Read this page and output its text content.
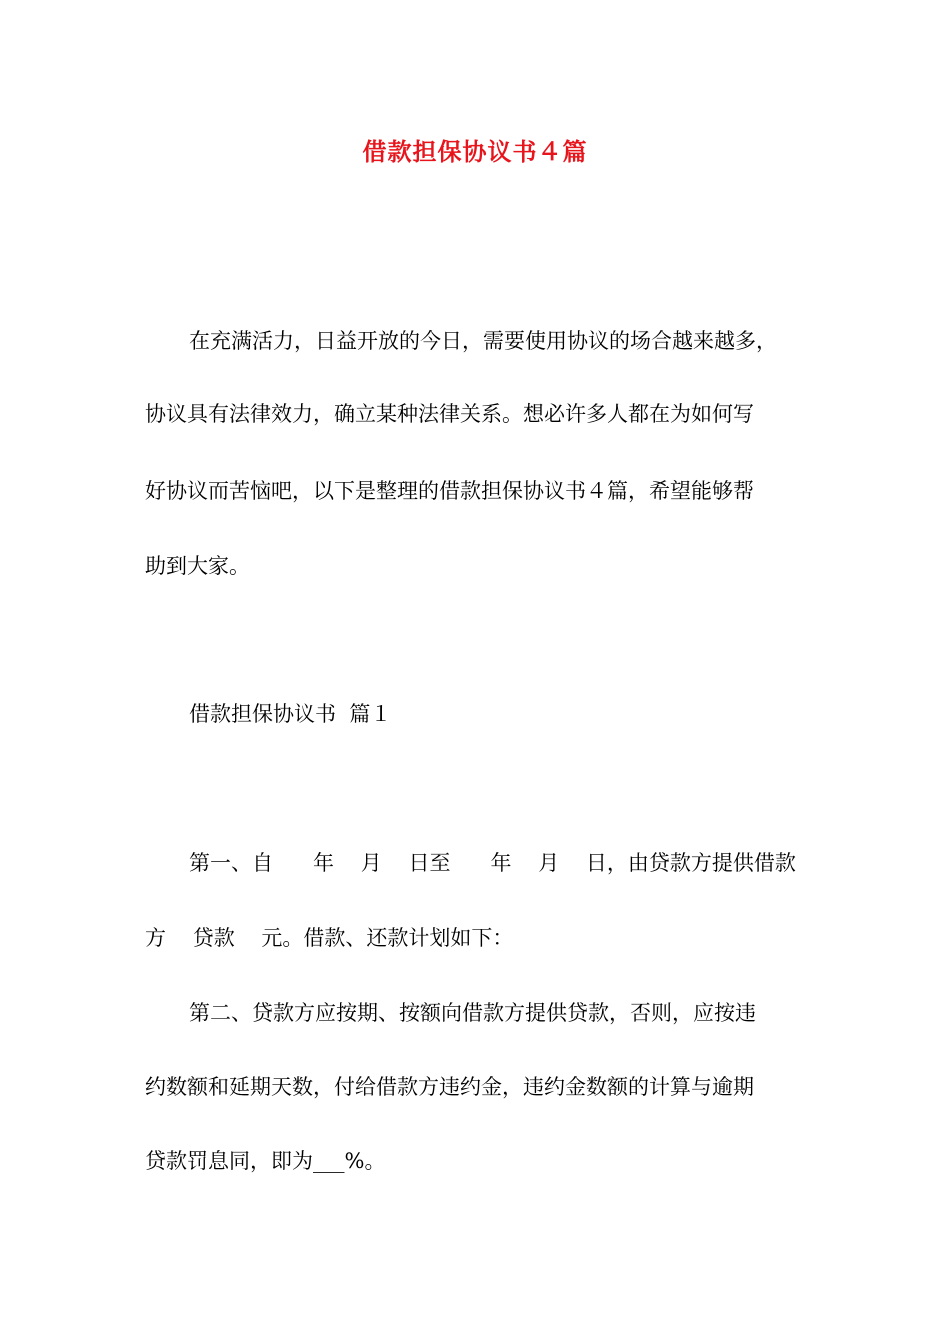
借款担保协议书４篇
在充满活力，日益开放的今日，需要使用协议的场合越来越多，
协议具有法律效力，确立某种法律关系。想必许多人都在为如何写
好协议而苦恼吧，以下是整理的借款担保协议书４篇，希望能够帮
助到大家。
借款担保协议书  篇１
第一、自      年    月    日至      年    月    日，由贷款方提供借款
方    贷款    元。借款、还款计划如下：
第二、贷款方应按期、按额向借款方提供贷款，否则，应按违
约数额和延期天数，付给借款方违约金，违约金数额的计算与逾期
贷款罚息同，即为___%。
